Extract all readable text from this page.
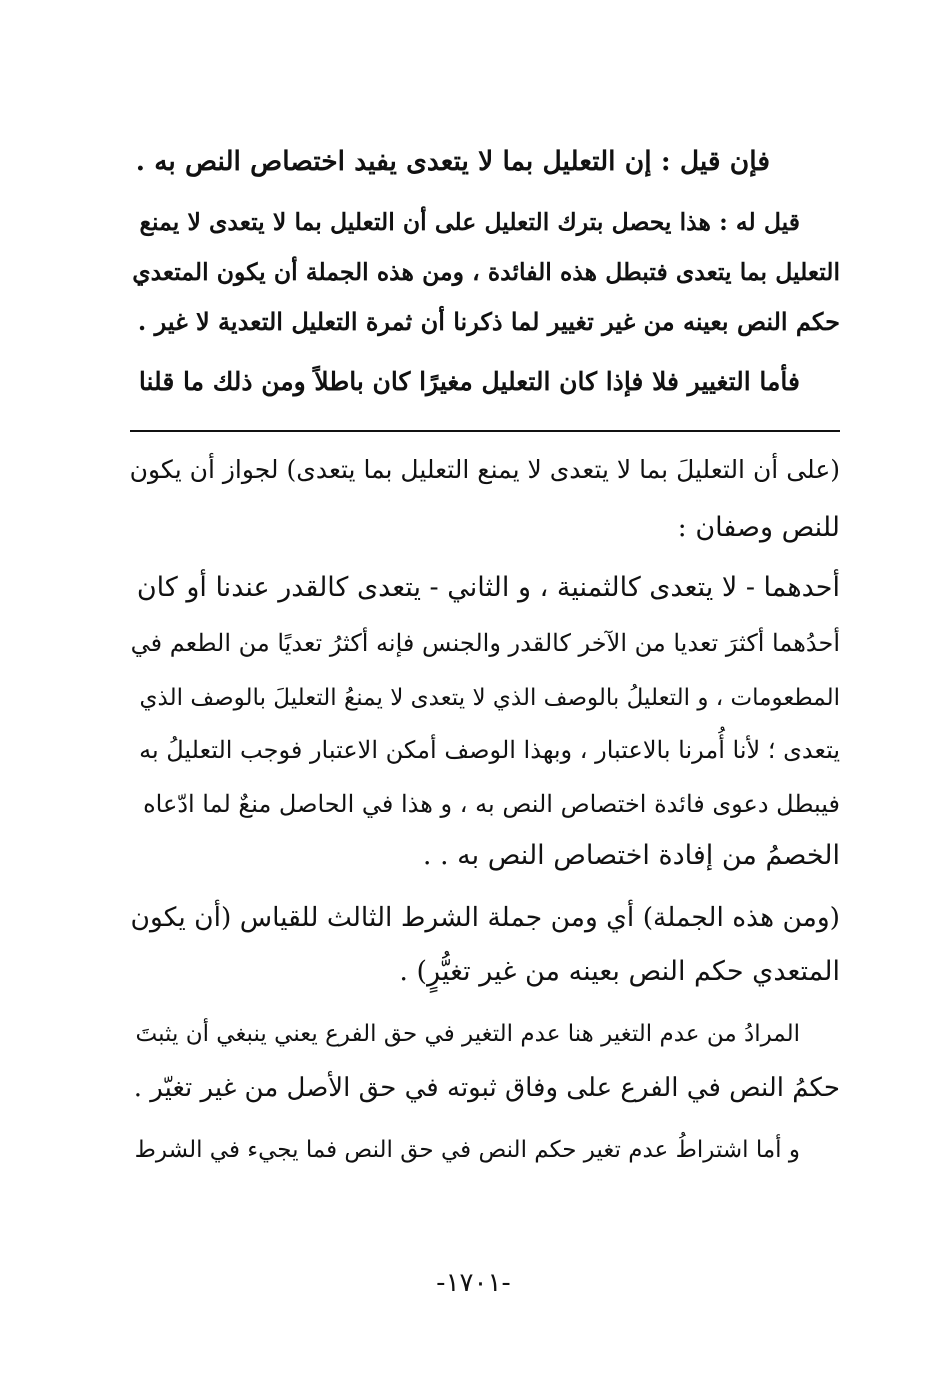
فإن قيل : إن التعليل بما لا يتعدى يفيد اختصاص النص به .
قيل له : هذا يحصل بترك التعليل على أن التعليل بما لا يتعدى لا يمنع
التعليل بما يتعدى فتبطل هذه الفائدة ، ومن هذه الجملة أن يكون المتعدي
حكم النص بعينه من غير تغيير لما ذكرنا أن ثمرة التعليل التعدية لا غير .
فأما التغيير فلا فإذا كان التعليل مغيرًا كان باطلاً ومن ذلك ما قلنا
(على أن التعليلَ بما لا يتعدى لا يمنع التعليل بما يتعدى) لجواز أن يكون
للنص وصفان :
أحدهما - لا يتعدى كالثمنية ، و الثاني - يتعدى كالقدر عندنا أو كان
أحدُهما أكثرَ تعديا من الآخر كالقدر والجنس فإنه أكثرُ تعديًا من الطعم في
المطعومات ، و التعليلُ بالوصف الذي لا يتعدى لا يمنعُ التعليلَ بالوصف الذي
يتعدى ؛ لأنا أُمرنا بالاعتبار ، وبهذا الوصف أمكن الاعتبار فوجب التعليلُ به
فيبطل دعوى فائدة اختصاص النص به ، و هذا في الحاصل منعٌ لما ادّعاه
الخصمُ من إفادة اختصاص النص به . .
(ومن هذه الجملة) أي ومن جملة الشرط الثالث للقياس (أن يكون
المتعدي حكم النص بعينه من غير تغيُّرٍ) .
المرادُ من عدم التغير هنا عدم التغير في حق الفرع يعني ينبغي أن يثبتَ
حكمُ النص في الفرع على وفاق ثبوته في حق الأصل من غير تغيّر .
و أما اشتراطُ عدم تغير حكم النص في حق النص فما يجيء في الشرط
-١٧٠١-
